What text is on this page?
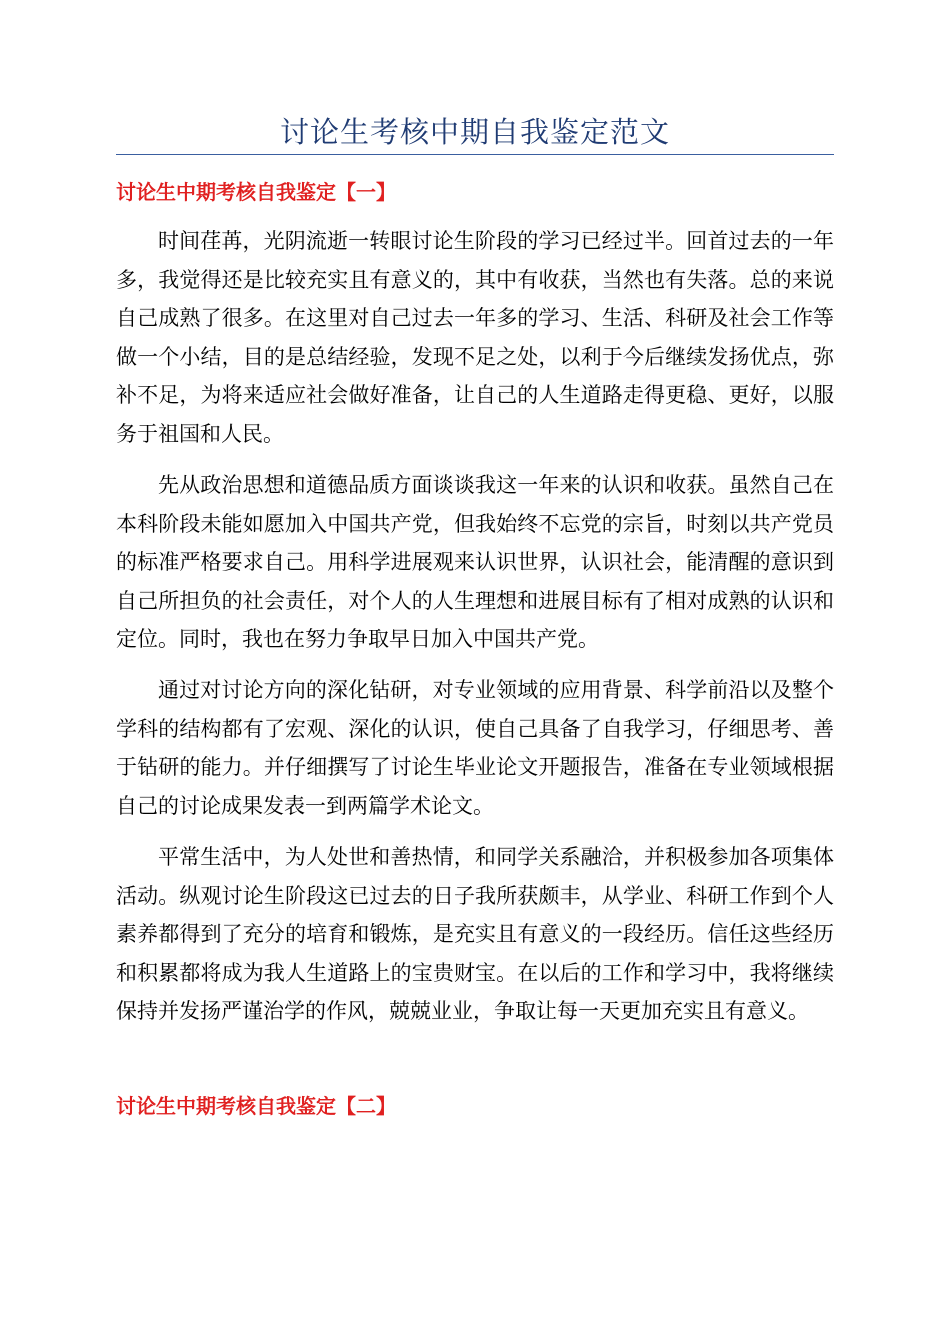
讨论生考核中期自我鉴定范文
讨论生中期考核自我鉴定【一】

时间荏苒，光阴流逝一转眼讨论生阶段的学习已经过半。回首过去的一年多，我觉得还是比较充实且有意义的，其中有收获，当然也有失落。总的来说自己成熟了很多。在这里对自己过去一年多的学习、生活、科研及社会工作等做一个小结，目的是总结经验，发现不足之处，以利于今后继续发扬优点，弥补不足，为将来适应社会做好准备，让自己的人生道路走得更稳、更好，以服务于祖国和人民。

先从政治思想和道德品质方面谈谈我这一年来的认识和收获。虽然自己在本科阶段未能如愿加入中国共产党，但我始终不忘党的宗旨，时刻以共产党员的标准严格要求自己。用科学进展观来认识世界，认识社会，能清醒的意识到自己所担负的社会责任，对个人的人生理想和进展目标有了相对成熟的认识和定位。同时，我也在努力争取早日加入中国共产党。

通过对讨论方向的深化钻研，对专业领域的应用背景、科学前沿以及整个学科的结构都有了宏观、深化的认识，使自己具备了自我学习，仔细思考、善于钻研的能力。并仔细撰写了讨论生毕业论文开题报告，准备在专业领域根据自己的讨论成果发表一到两篇学术论文。

平常生活中，为人处世和善热情，和同学关系融洽，并积极参加各项集体活动。纵观讨论生阶段这已过去的日子我所获颇丰，从学业、科研工作到个人素养都得到了充分的培育和锻炼，是充实且有意义的一段经历。信任这些经历和积累都将成为我人生道路上的宝贵财宝。在以后的工作和学习中，我将继续保持并发扬严谨治学的作风，兢兢业业，争取让每一天更加充实且有意义。

讨论生中期考核自我鉴定【二】
